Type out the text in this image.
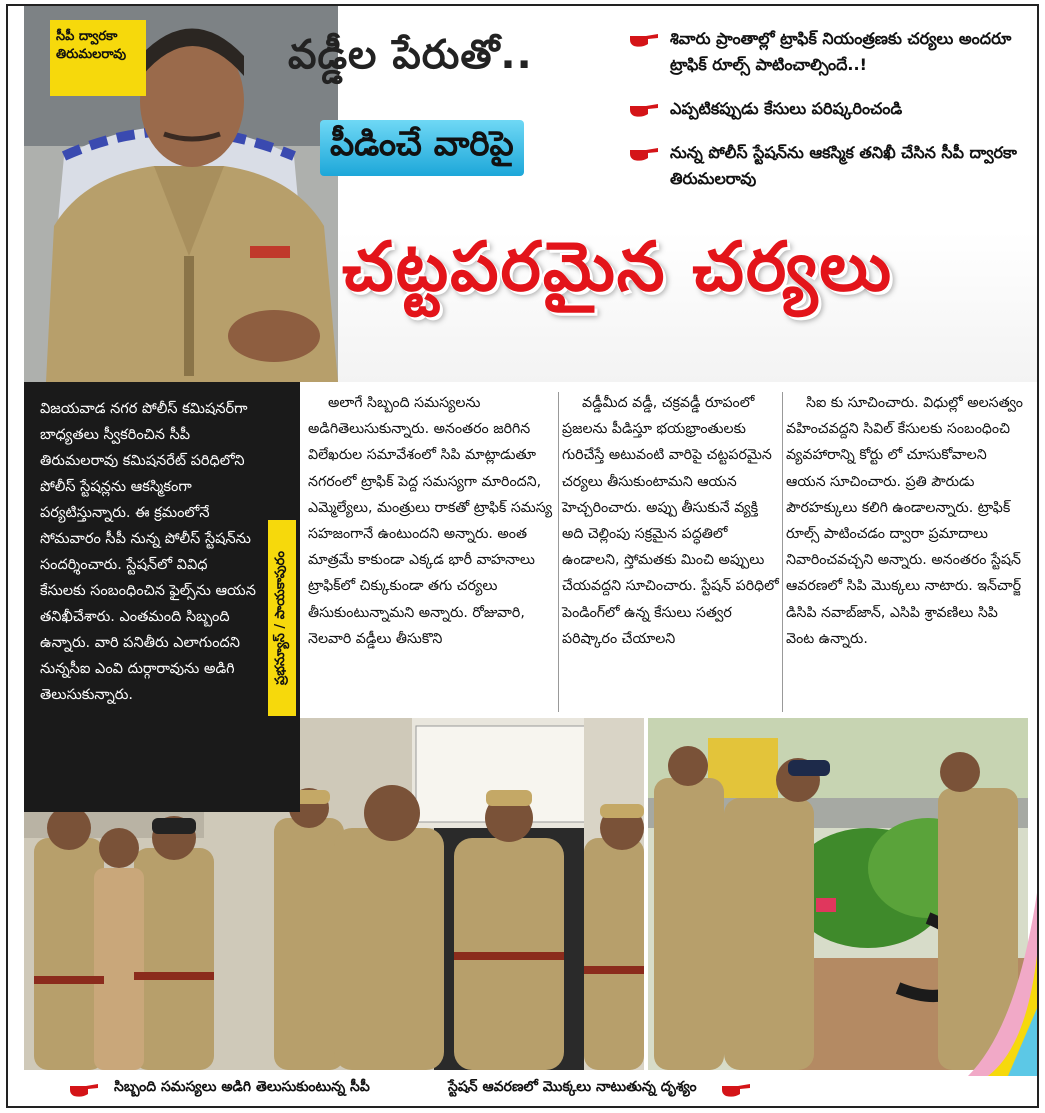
సీపీ ద్వారకా తిరుమలరావు	వడ్డీల పేరుతో..
పీడించే వారిపై
చట్టపరమైన చర్యలు
శివారు ప్రాంతాల్లో ట్రాఫిక్ నియంత్రణకు చర్యలు అందరూ ట్రాఫిక్ రూల్స్ పాటించాల్సిందే..!
ఎప్పటికప్పుడు కేసులు పరిష్కరించండి
నున్న పోలీస్ స్టేషన్‌ను ఆకస్మిక తనిఖీ చేసిన సీపీ ద్వారకా తిరుమలరావు
విజయవాడ నగర పోలీస్ కమిషనర్‌గా బాధ్యతలు స్వీకరించిన సీపీ తిరుమలరావు కమిషనరేట్ పరిధిలోని పోలీస్ స్టేషన్లను ఆకస్మికంగా పర్యటిస్తున్నారు. ఈ క్రమంలోనే సోమవారం సీపీ నున్న పోలీస్ స్టేషన్‌ను సందర్శించారు. స్టేషన్‌లో వివిధ కేసులకు సంబంధించిన ఫైల్స్‌ను ఆయన తనిఖీచేశారు. ఎంతమంది సిబ్బంది ఉన్నారు. వారి పనితీరు ఎలాగుందని నున్నసీఐ ఎంవి దుర్గారావును అడిగి తెలుసుకున్నారు.
ప్రభన్యూస్ / పాయకాపురం

అలాగే సిబ్బంది సమస్యలను అడిగితెలుసుకున్నారు. అనంతరం జరిగిన విలేఖరుల సమావేశంలో సిపి మాట్లాడుతూ నగరంలో ట్రాఫిక్ పెద్ద సమస్యగా మారిందని, ఎమ్మెల్యేలు, మంత్రులు రాకతో ట్రాఫిక్ సమస్య సహజంగానే ఉంటుందని అన్నారు. అంత మాత్రమే కాకుండా ఎక్కడ భారీ వాహనాలు ట్రాఫిక్‌లో చిక్కుకుండా తగు చర్యలు తీసుకుంటున్నామని అన్నారు. రోజువారి, నెలవారి వడ్డీలు తీసుకొని

వడ్డీమీద వడ్డీ, చక్రవడ్డీ రూపంలో ప్రజలను పీడిస్తూ భయభ్రాంతులకు గురిచేస్తే అటువంటి వారిపై చట్టపరమైన చర్యలు తీసుకుంటామని ఆయన హెచ్చరించారు. అప్పు తీసుకునే వ్యక్తి అది చెల్లింపు సక్రమైన పద్ధతిలో ఉండాలని, స్తోమతకు మించి అప్పులు చేయవద్దని సూచించారు. స్టేషన్ పరిధిలో పెండింగ్‌లో ఉన్న కేసులు సత్వర పరిష్కారం చేయాలని

సిఐ కు సూచించారు. విధుల్లో అలసత్వం వహించవద్దని సివిల్ కేసులకు సంబంధించి వ్యవహారాన్ని కోర్టు లో చూసుకోవాలని ఆయన సూచించారు. ప్రతి పౌరుడు పౌరహక్కులు కలిగి ఉండాలన్నారు. ట్రాఫిక్ రూల్స్ పాటించడం ద్వారా ప్రమాదాలు నివారించవచ్చని అన్నారు. అనంతరం స్టేషన్ ఆవరణలో సిపి మొక్కలు నాటారు. ఇన్‌చార్జ్ డిసిపి నవాబ్‌జాన్, ఎసిపి శ్రావణిలు సిపి వెంట ఉన్నారు.

సిబ్బంది సమస్యలు అడిగి తెలుసుకుంటున్న సీపీ	స్టేషన్ ఆవరణలో మొక్కలు నాటుతున్న దృశ్యం
